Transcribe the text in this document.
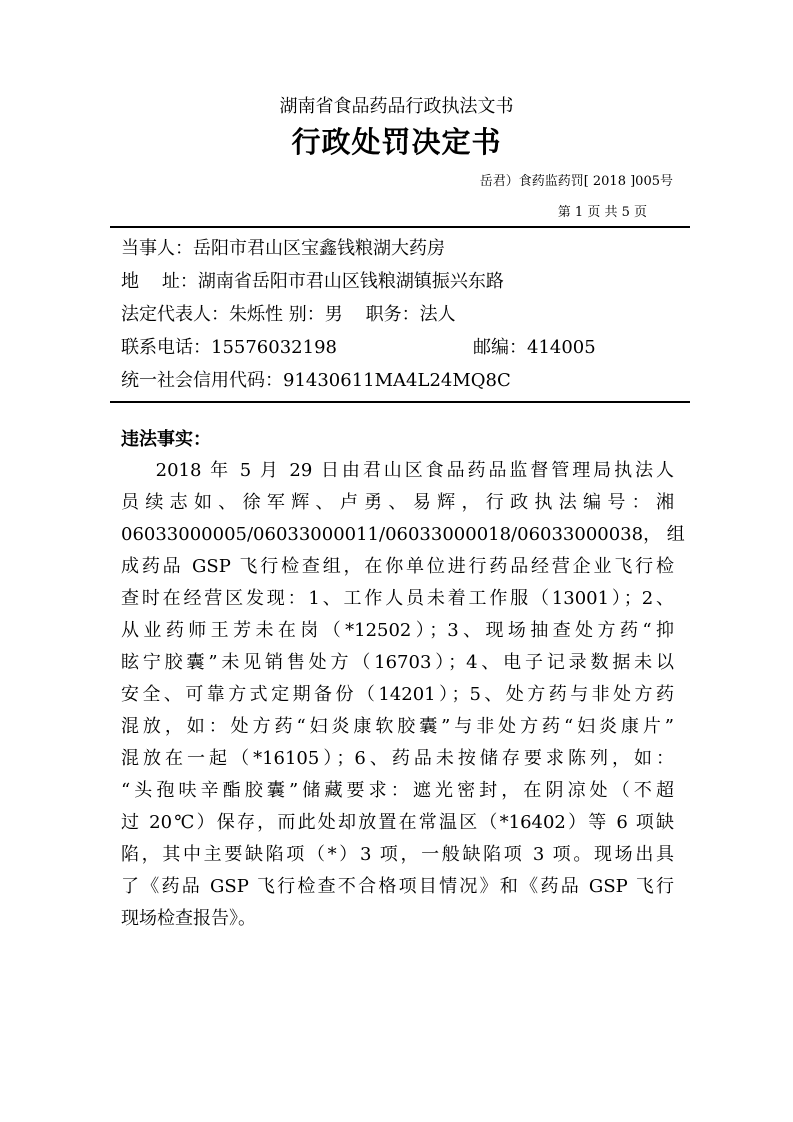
湖南省食品药品行政执法文书
行政处罚决定书
岳君）食药监药罚[ 2018 ]005号
第 1 页 共 5 页
当事人：岳阳市君山区宝鑫钱粮湖大药房
地    址：湖南省岳阳市君山区钱粮湖镇振兴东路
法定代表人：朱烁性 别：男    职务：法人
联系电话：15576032198	邮编：414005
统一社会信用代码：91430611MA4L24MQ8C
违法事实：
2018 年 5 月 29 日由君山区食品药品监督管理局执法人
员续志如、徐军辉、卢勇、易辉，行政执法编号：湘
06033000005/06033000011/06033000018/06033000038， 组
成药品 GSP 飞行检查组，在你单位进行药品经营企业飞行检
查时在经营区发现：1、工作人员未着工作服（13001）；2、
从业药师王芳未在岗（*12502）；3、现场抽查处方药“抑
眩宁胶囊”未见销售处方（16703）；4、电子记录数据未以
安全、可靠方式定期备份（14201）；5、处方药与非处方药
混放，如：处方药“妇炎康软胶囊”与非处方药“妇炎康片”
混放在一起（*16105）；6、药品未按储存要求陈列，如：
“头孢呋辛酯胶囊”储藏要求：遮光密封，在阴凉处（不超
过 20℃）保存，而此处却放置在常温区（*16402）等 6 项缺
陷，其中主要缺陷项（*）3 项，一般缺陷项 3 项。现场出具
了《药品 GSP 飞行检查不合格项目情况》和《药品 GSP 飞行
现场检查报告》。
